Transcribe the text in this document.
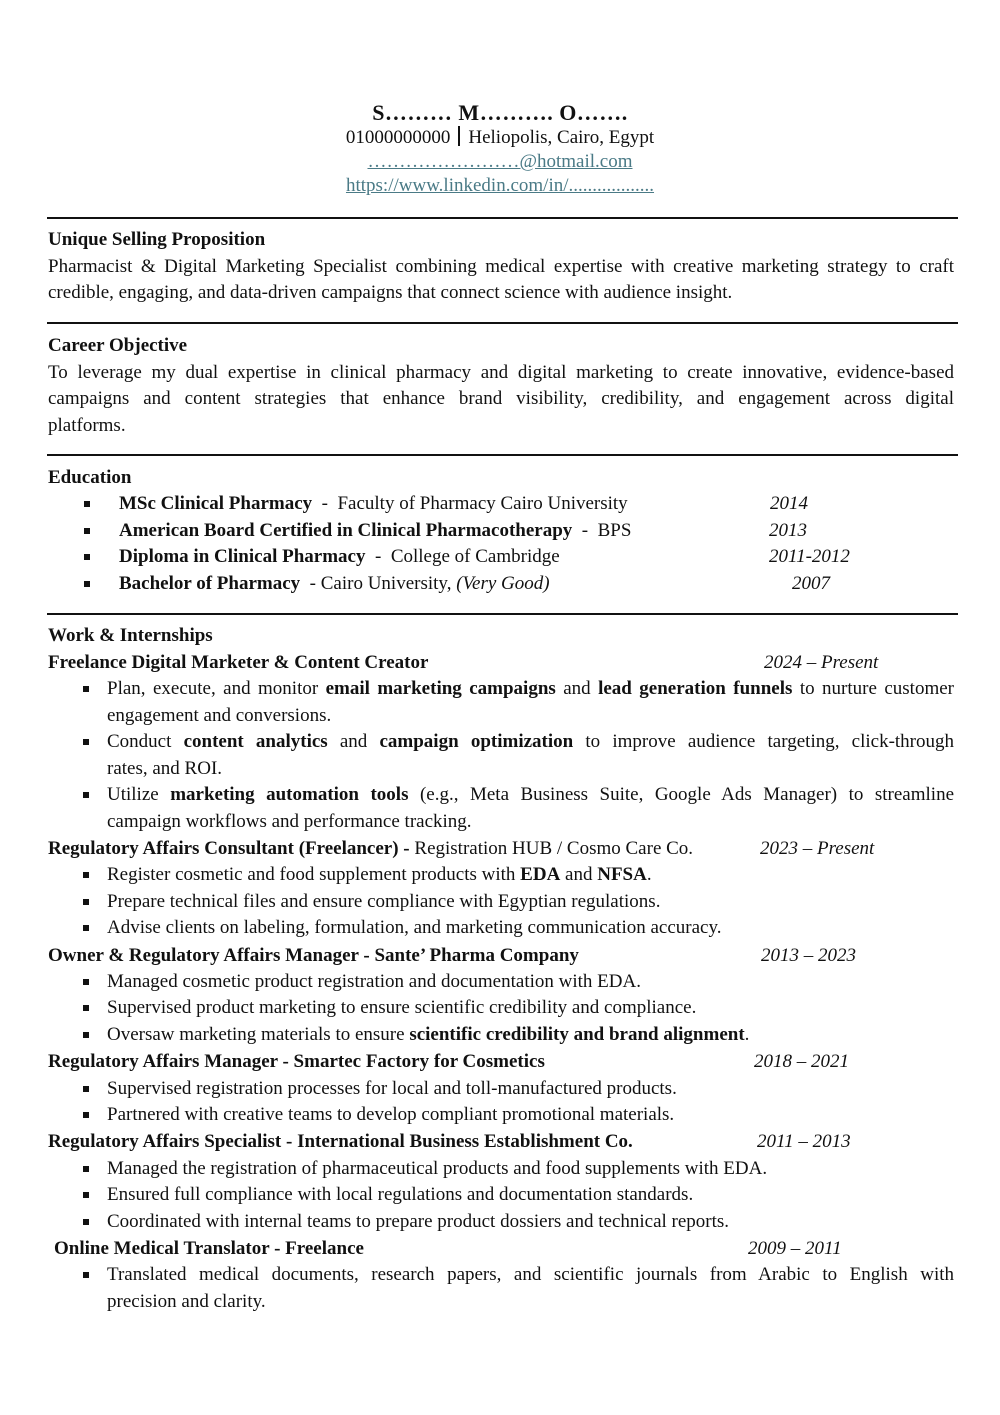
S……… M………. O…….
01000000000 Heliopolis, Cairo, Egypt
……………………@hotmail.com
https://www.linkedin.com/in/..................
Unique Selling Proposition
Pharmacist & Digital Marketing Specialist combining medical expertise with creative marketing strategy to craft
credible, engaging, and data-driven campaigns that connect science with audience insight.
Career Objective
To leverage my dual expertise in clinical pharmacy and digital marketing to create innovative, evidence-based
campaigns and content strategies that enhance brand visibility, credibility, and engagement across digital
platforms.
Education
MSc Clinical Pharmacy - Faculty of Pharmacy Cairo University	2014
American Board Certified in Clinical Pharmacotherapy - BPS	2013
Diploma in Clinical Pharmacy - College of Cambridge	2011-2012
Bachelor of Pharmacy - Cairo University, (Very Good)	2007
Work & Internships
Freelance Digital Marketer & Content Creator	2024 – Present
Plan, execute, and monitor email marketing campaigns and lead generation funnels to nurture customer
engagement and conversions.
Conduct content analytics and campaign optimization to improve audience targeting, click-through
rates, and ROI.
Utilize marketing automation tools (e.g., Meta Business Suite, Google Ads Manager) to streamline
campaign workflows and performance tracking.
Regulatory Affairs Consultant (Freelancer) - Registration HUB / Cosmo Care Co.	2023 – Present
Register cosmetic and food supplement products with EDA and NFSA.
Prepare technical files and ensure compliance with Egyptian regulations.
Advise clients on labeling, formulation, and marketing communication accuracy.
Owner & Regulatory Affairs Manager - Sante’ Pharma Company	2013 – 2023
Managed cosmetic product registration and documentation with EDA.
Supervised product marketing to ensure scientific credibility and compliance.
Oversaw marketing materials to ensure scientific credibility and brand alignment.
Regulatory Affairs Manager - Smartec Factory for Cosmetics	2018 – 2021
Supervised registration processes for local and toll-manufactured products.
Partnered with creative teams to develop compliant promotional materials.
Regulatory Affairs Specialist - International Business Establishment Co.	2011 – 2013
Managed the registration of pharmaceutical products and food supplements with EDA.
Ensured full compliance with local regulations and documentation standards.
Coordinated with internal teams to prepare product dossiers and technical reports.
Online Medical Translator - Freelance	2009 – 2011
Translated medical documents, research papers, and scientific journals from Arabic to English with
precision and clarity.
